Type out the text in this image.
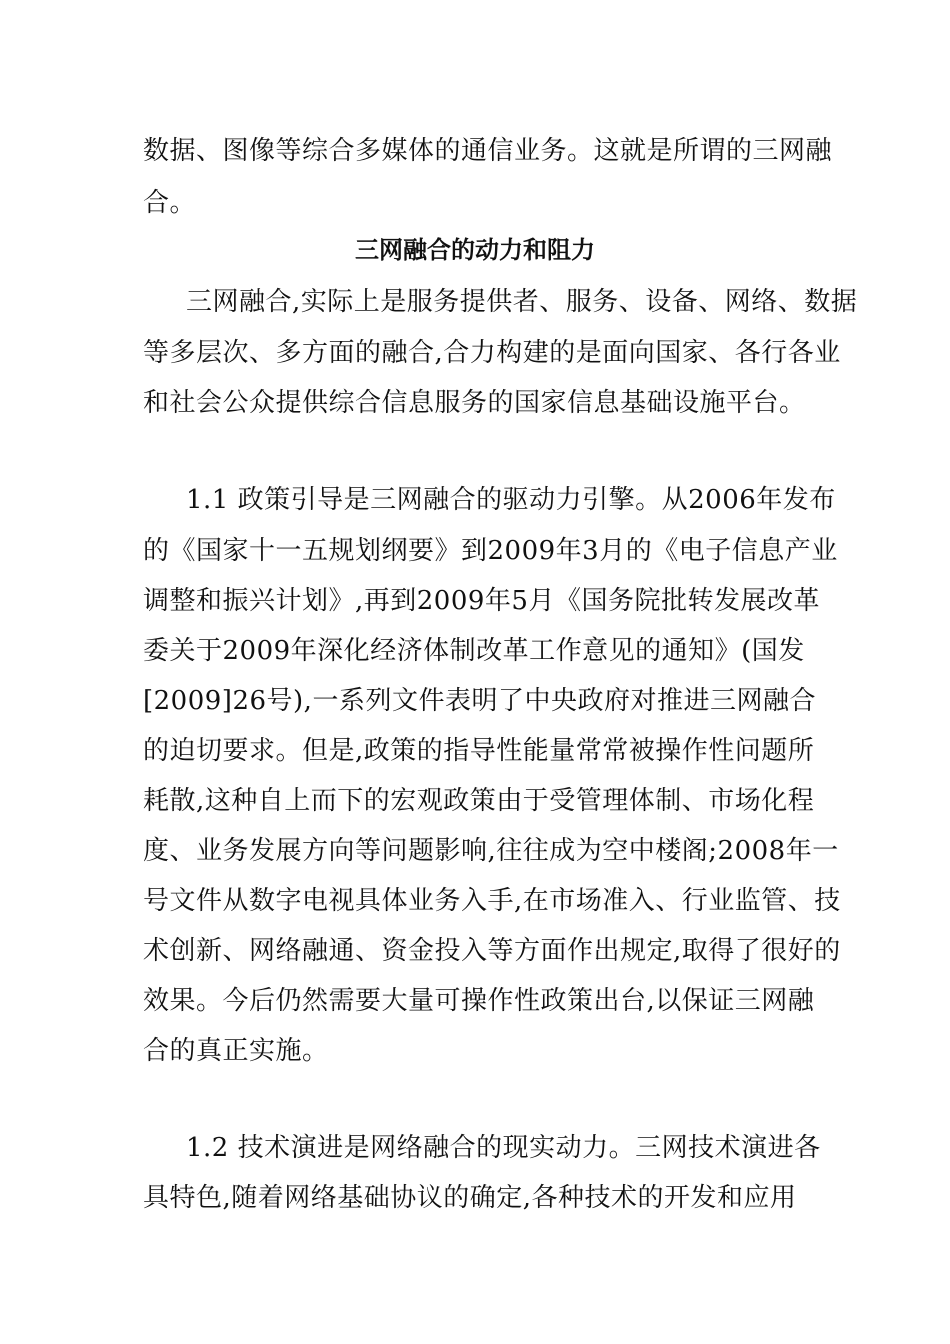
数据、图像等综合多媒体的通信业务。这就是所谓的三网融
合。
三网融合的动力和阻力
三网融合,实际上是服务提供者、服务、设备、网络、数据
等多层次、多方面的融合,合力构建的是面向国家、各行各业
和社会公众提供综合信息服务的国家信息基础设施平台。
1.1 政策引导是三网融合的驱动力引擎。从2006年发布
的《国家十一五规划纲要》到2009年3月的《电子信息产业
调整和振兴计划》,再到2009年5月《国务院批转发展改革
委关于2009年深化经济体制改革工作意见的通知》(国发
[2009]26号),一系列文件表明了中央政府对推进三网融合
的迫切要求。但是,政策的指导性能量常常被操作性问题所
耗散,这种自上而下的宏观政策由于受管理体制、市场化程
度、业务发展方向等问题影响,往往成为空中楼阁;2008年一
号文件从数字电视具体业务入手,在市场准入、行业监管、技
术创新、网络融通、资金投入等方面作出规定,取得了很好的
效果。今后仍然需要大量可操作性政策出台,以保证三网融
合的真正实施。
1.2 技术演进是网络融合的现实动力。三网技术演进各
具特色,随着网络基础协议的确定,各种技术的开发和应用
